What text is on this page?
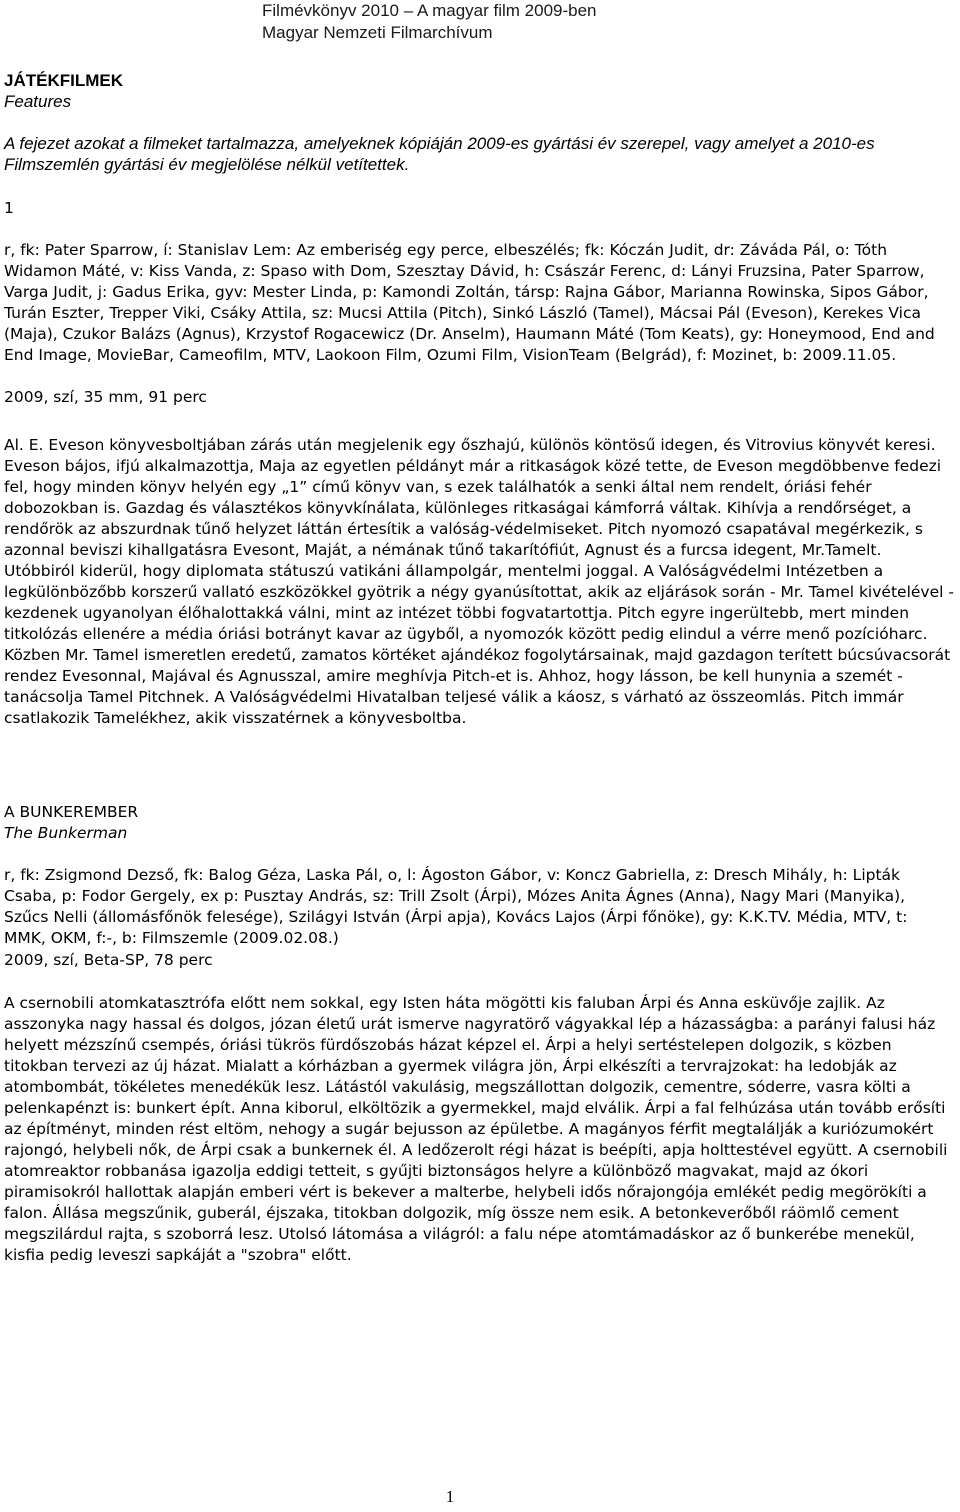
Filmévkönyv 2010 – A magyar film 2009-ben
Magyar Nemzeti Filmarchívum
JÁTÉKFILMEK
Features
A fejezet azokat a filmeket tartalmazza, amelyeknek kópiáján 2009-es gyártási év szerepel, vagy amelyet a 2010-es Filmszemlén gyártási év megjelölése nélkül vetítettek.
1
r, fk: Pater Sparrow, í: Stanislav Lem: Az emberiség egy perce, elbeszélés; fk: Kóczán Judit, dr: Záváda Pál, o: Tóth Widamon Máté, v: Kiss Vanda, z: Spaso with Dom, Szesztay Dávid, h: Császár Ferenc, d: Lányi Fruzsina, Pater Sparrow, Varga Judit, j: Gadus Erika, gyv: Mester Linda, p: Kamondi Zoltán, társp: Rajna Gábor, Marianna Rowinska, Sipos Gábor, Turán Eszter, Trepper Viki, Csáky Attila, sz: Mucsi Attila (Pitch), Sinkó László (Tamel), Mácsai Pál (Eveson), Kerekes Vica (Maja), Czukor Balázs (Agnus), Krzystof Rogacewicz (Dr. Anselm), Haumann Máté (Tom Keats), gy: Honeymood, End and End Image, MovieBar, Cameofilm, MTV, Laokoon Film, Ozumi Film, VisionTeam (Belgrád), f: Mozinet, b: 2009.11.05.
2009, szí, 35 mm, 91 perc
Al. E. Eveson könyvesboltjában zárás után megjelenik egy őszhajú, különös köntösű idegen, és Vitrovius könyvét keresi. Eveson bájos, ifjú alkalmazottja, Maja az egyetlen példányt már a ritkaságok közé tette, de Eveson megdöbbenve fedezi fel, hogy minden könyv helyén egy „1” című könyv van, s ezek találhatók a senki által nem rendelt, óriási fehér dobozokban is. Gazdag és választékos könyvkínálata, különleges ritkaságai kámforrá váltak. Kihívja a rendőrséget, a rendőrök az abszurdnak tűnő helyzet láttán értesítik a valóság-védelmiseket. Pitch nyomozó csapatával megérkezik, s azonnal beviszi kihallgatásra Evesont, Maját, a némának tűnő takarítófiút, Agnust és a furcsa idegent, Mr.Tamelt. Utóbbiról kiderül, hogy diplomata státuszú vatikáni állampolgár, mentelmi joggal. A Valóságvédelmi Intézetben a legkülönbözőbb korszerű vallató eszközökkel gyötrik a négy gyanúsítottat, akik az eljárások során - Mr. Tamel kivételével - kezdenek ugyanolyan élőhalottakká válni, mint az intézet többi fogvatartottja. Pitch egyre ingerültebb, mert minden titkolózás ellenére a média óriási botrányt kavar az ügyből, a nyomozók között pedig elindul a vérre menő pozícióharc. Közben Mr. Tamel ismeretlen eredetű, zamatos körtéket ajándékoz fogolytársainak, majd gazdagon terített búcsúvacsorát rendez Evesonnal, Majával és Agnusszal, amire meghívja Pitch-et is. Ahhoz, hogy lásson, be kell hunynia a szemét - tanácsolja Tamel Pitchnek. A Valóságvédelmi Hivatalban teljesé válik a káosz, s várható az összeomlás. Pitch immár csatlakozik Tamelékhez, akik visszatérnek a könyvesboltba.
A BUNKEREMBER
The Bunkerman
r, fk: Zsigmond Dezső, fk: Balog Géza, Laska Pál, o, l: Ágoston Gábor, v: Koncz Gabriella, z: Dresch Mihály, h: Lipták Csaba, p: Fodor Gergely, ex p: Pusztay András, sz: Trill Zsolt (Árpi), Mózes Anita Ágnes (Anna), Nagy Mari (Manyika), Szűcs Nelli (állomásfőnök felesége), Szilágyi István (Árpi apja), Kovács Lajos (Árpi főnöke), gy: K.K.TV. Média, MTV, t: MMK, OKM, f:-, b: Filmszemle (2009.02.08.)
2009, szí, Beta-SP, 78 perc
A csernobili atomkatasztrófa előtt nem sokkal, egy Isten háta mögötti kis faluban Árpi és Anna esküvője zajlik. Az asszonyka nagy hassal és dolgos, józan életű urát ismerve nagyratörő vágyakkal lép a házasságba: a parányi falusi ház helyett mézszínű csempés, óriási tükrös fürdőszobás házat képzel el. Árpi a helyi sertéstelepen dolgozik, s közben titokban tervezi az új házat. Mialatt a kórházban a gyermek világra jön, Árpi elkészíti a tervrajzokat: ha ledobják az atombombát, tökéletes menedékük lesz. Látástól vakulásig, megszállottan dolgozik, cementre, sóderre, vasra költi a pelenkapénzt is: bunkert épít. Anna kiborul, elköltözik a gyermekkel, majd elválik. Árpi a fal felhúzása után tovább erősíti az építményt, minden rést eltöm, nehogy a sugár bejusson az épületbe. A magányos férfit megtalálják a kuriózumokért rajongó, helybeli nők, de Árpi csak a bunkernek él. A ledőzerolt régi házat is beépíti, apja holttestével együtt. A csernobili atomreaktor robbanása igazolja eddigi tetteit, s gyűjti biztonságos helyre a különböző magvakat, majd az ókori piramisokról hallottak alapján emberi vért is bekever a malterbe, helybeli idős nőrajongója emlékét pedig megörökíti a falon. Állása megszűnik, guberál, éjszaka, titokban dolgozik, míg össze nem esik. A betonkeverőből ráömlő cement megszilárdul rajta, s szoborrá lesz. Utolsó látomása a világról: a falu népe atomtámadáskor az ő bunkerébe menekül, kisfia pedig leveszi sapkáját a "szobra" előtt.
1
